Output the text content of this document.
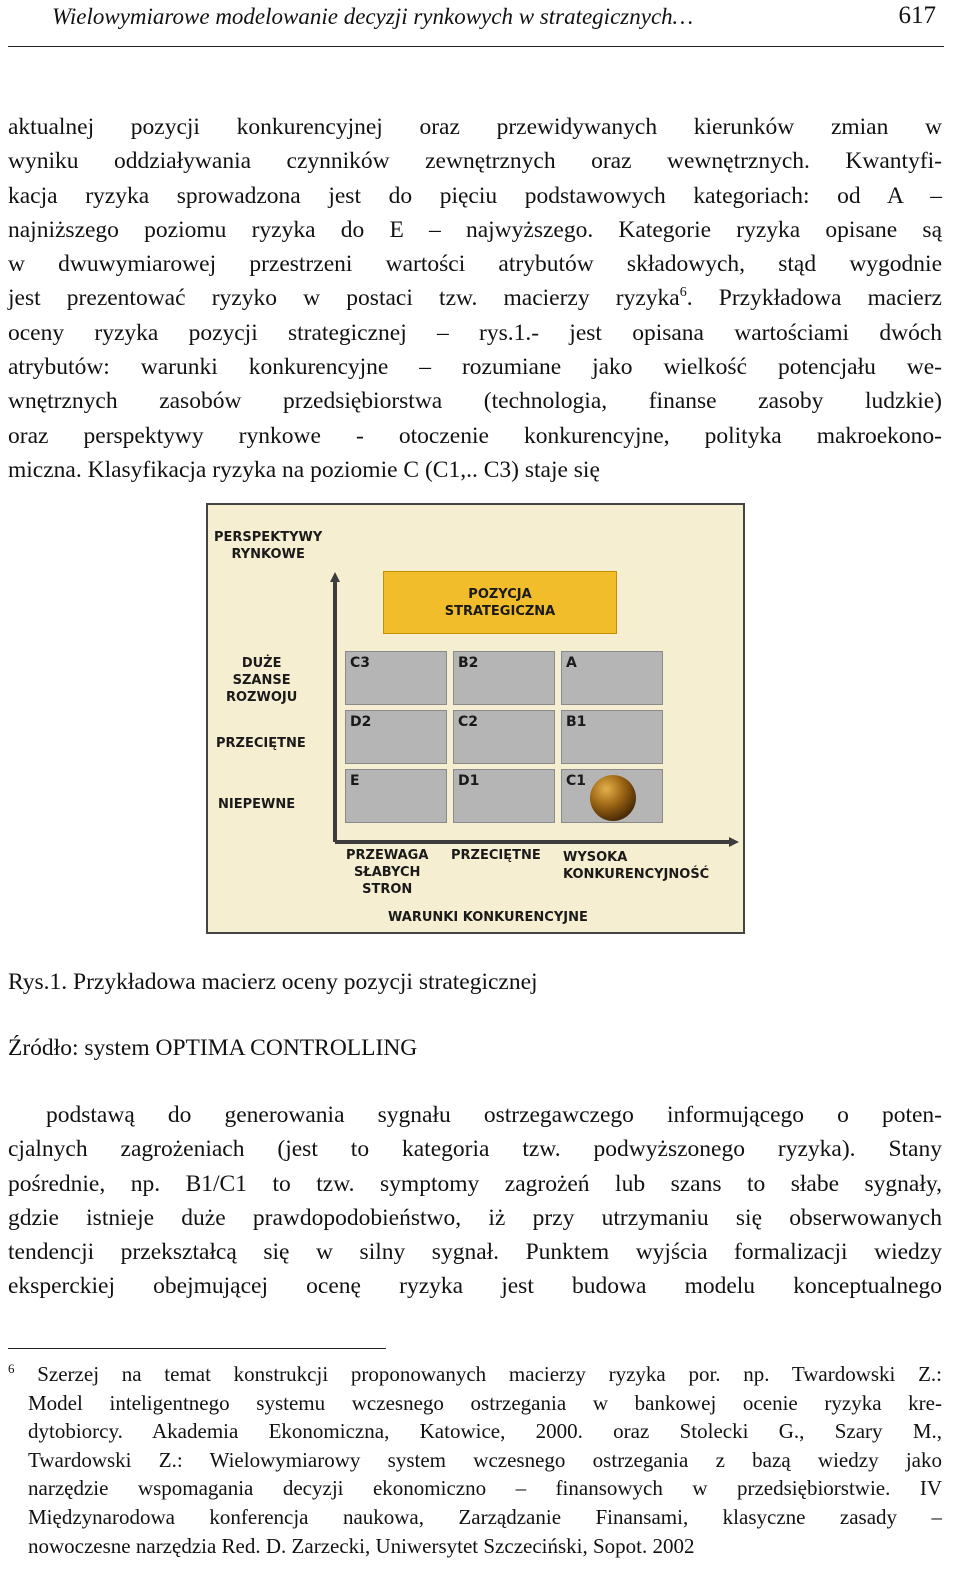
Wielowymiarowe modelowanie decyzji rynkowych w strategicznych…	617
aktualnej pozycji konkurencyjnej oraz przewidywanych kierunków zmian w
wyniku oddziaływania czynników zewnętrznych oraz wewnętrznych. Kwantyfi-
kacja ryzyka sprowadzona jest do pięciu podstawowych kategoriach: od A –
najniższego poziomu ryzyka do E – najwyższego. Kategorie ryzyka opisane są
w dwuwymiarowej przestrzeni wartości atrybutów składowych, stąd wygodnie
jest prezentować ryzyko w postaci tzw. macierzy ryzyka$^6$. Przykładowa macierz
oceny ryzyka pozycji strategicznej – rys.1.- jest opisana wartościami dwóch
atrybutów: warunki konkurencyjne – rozumiane jako wielkość potencjału we-
wnętrznych zasobów przedsiębiorstwa (technologia, finanse zasoby ludzkie)
oraz perspektywy rynkowe - otoczenie konkurencyjne, polityka makroekono-
miczna. Klasyfikacja ryzyka na poziomie C (C1,.. C3) staje się
PERSPEKTYWY
RYNKOWE
POZYCJA
STRATEGICZNA
DUŻE
SZANSE
ROZWOJU
PRZECIĘTNE
NIEPEWNE
C3	B2	A
D2	C2	B1
E	D1	C1
PRZEWAGA
SŁABYCH
STRON
PRZECIĘTNE WYSOKA
KONKURENCYJNOŚĆ
WARUNKI KONKURENCYJNE
Rys.1. Przykładowa macierz oceny pozycji strategicznej
Źródło: system OPTIMA CONTROLLING
podstawą do generowania sygnału ostrzegawczego informującego o poten-
cjalnych zagrożeniach (jest to kategoria tzw. podwyższonego ryzyka). Stany
pośrednie, np. B1/C1 to tzw. symptomy zagrożeń lub szans to słabe sygnały,
gdzie istnieje duże prawdopodobieństwo, iż przy utrzymaniu się obserwowanych
tendencji przekształcą się w silny sygnał. Punktem wyjścia formalizacji wiedzy
eksperckiej obejmującej ocenę ryzyka jest budowa modelu konceptualnego
$^6$ Szerzej na temat konstrukcji proponowanych macierzy ryzyka por. np. Twardowski Z.:
Model inteligentnego systemu wczesnego ostrzegania w bankowej ocenie ryzyka kre-
dytobiorcy. Akademia Ekonomiczna, Katowice, 2000. oraz Stolecki G., Szary M.,
Twardowski Z.: Wielowymiarowy system wczesnego ostrzegania z bazą wiedzy jako
narzędzie wspomagania decyzji ekonomiczno – finansowych w przedsiębiorstwie. IV
Międzynarodowa konferencja naukowa, Zarządzanie Finansami, klasyczne zasady –
nowoczesne narzędzia Red. D. Zarzecki, Uniwersytet Szczeciński, Sopot. 2002
